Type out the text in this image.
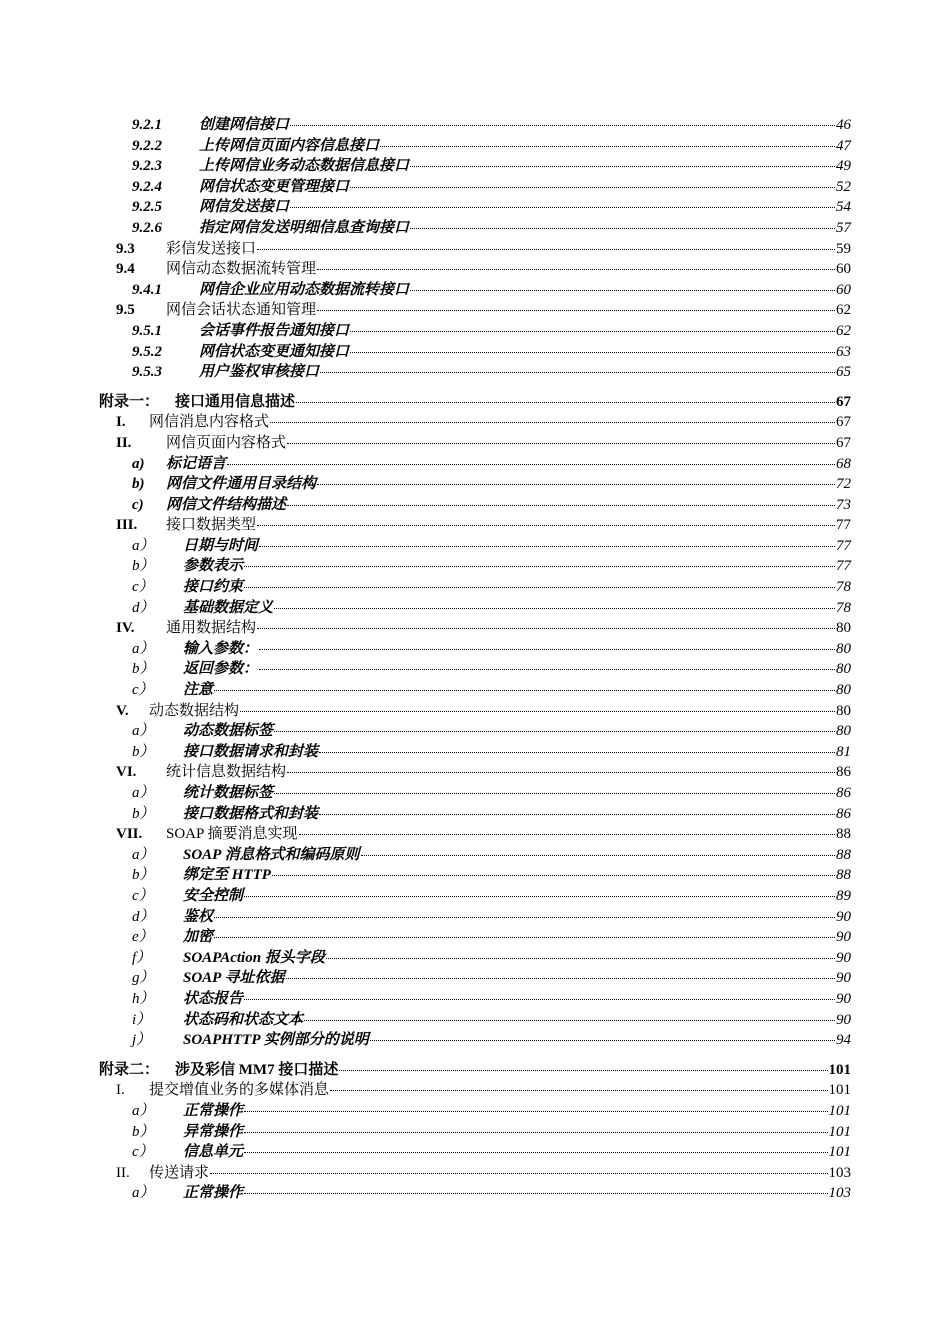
9.2.1 创建网信接口	46
9.2.2 上传网信页面内容信息接口	47
9.2.3 上传网信业务动态数据信息接口	49
9.2.4 网信状态变更管理接口	52
9.2.5 网信发送接口	54
9.2.6 指定网信发送明细信息查询接口	57
9.3 彩信发送接口	59
9.4 网信动态数据流转管理	60
9.4.1 网信企业应用动态数据流转接口	60
9.5 网信会话状态通知管理	62
9.5.1 会话事件报告通知接口	62
9.5.2 网信状态变更通知接口	63
9.5.3 用户鉴权审核接口	65
附录一： 接口通用信息描述	67
I. 网信消息内容格式	67
II. 网信页面内容格式	67
a) 标记语言	68
b) 网信文件通用目录结构	72
c) 网信文件结构描述	73
III. 接口数据类型	77
a） 日期与时间	77
b） 参数表示	77
c） 接口约束	78
d） 基础数据定义	78
IV. 通用数据结构	80
a） 输入参数：	80
b） 返回参数：	80
c） 注意	80
V. 动态数据结构	80
a） 动态数据标签	80
b） 接口数据请求和封装	81
VI. 统计信息数据结构	86
a） 统计数据标签	86
b） 接口数据格式和封装	86
VII. SOAP 摘要消息实现	88
a） SOAP 消息格式和编码原则	88
b） 绑定至 HTTP	88
c） 安全控制	89
d） 鉴权	90
e） 加密	90
f） SOAPAction 报头字段	90
g） SOAP 寻址依据	90
h） 状态报告	90
i） 状态码和状态文本	90
j） SOAPHTTP 实例部分的说明	94
附录二： 涉及彩信 MM7 接口描述	101
I. 提交增值业务的多媒体消息	101
a） 正常操作	101
b） 异常操作	101
c） 信息单元	101
II. 传送请求	103
a） 正常操作	103
